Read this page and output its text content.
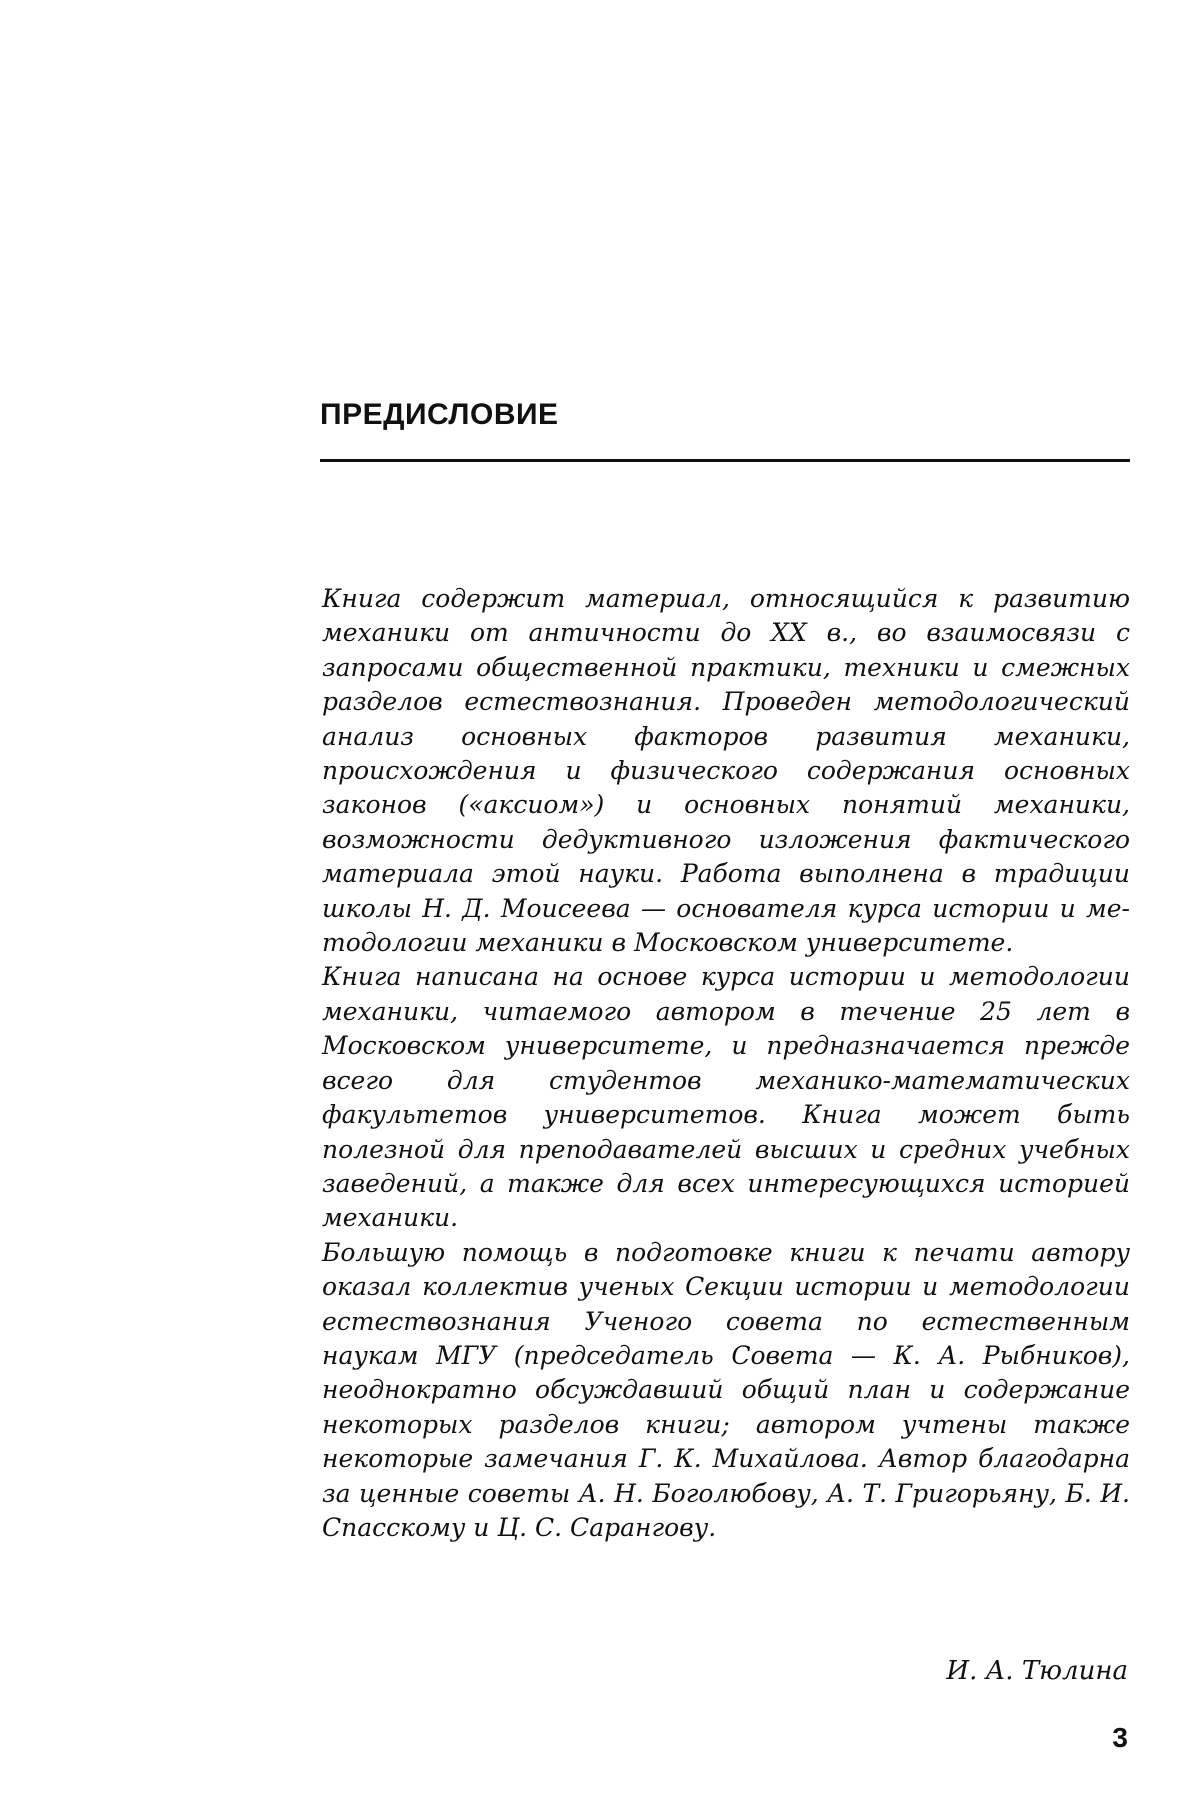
ПРЕДИСЛОВИЕ

Книга содержит материал, относящийся к развитию механики от античности до XX в., во взаимосвязи с запросами общественной практики, техники и смежных разделов естествознания. Проведен методологический анализ основных факторов развития механики, происхождения и физического содержания основных законов («аксиом») и основных понятий механики, возможности дедуктивного изложения фактического материала этой науки. Работа выполнена в традиции школы Н. Д. Моисеева — основателя курса истории и методологии механики в Московском университете.

Книга написана на основе курса истории и методологии механики, читаемого автором в течение 25 лет в Московском университете, и предназначается прежде всего для студентов механико-математических факультетов университетов. Книга может быть полезной для преподавателей высших и средних учебных заведений, а также для всех интересующихся историей механики.

Большую помощь в подготовке книги к печати автору оказал коллектив ученых Секции истории и методологии естествознания Ученого совета по естественным наукам МГУ (председатель Совета — К. А. Рыбников), неоднократно обсуждавший общий план и содержание некоторых разделов книги; автором учтены также некоторые замечания Г. К. Михайлова. Автор благодарна за ценные советы А. Н. Боголюбову, А. Т. Григорьяну, Б. И. Спасскому и Ц. С. Сарангову.

И. А. Тюлина
3
